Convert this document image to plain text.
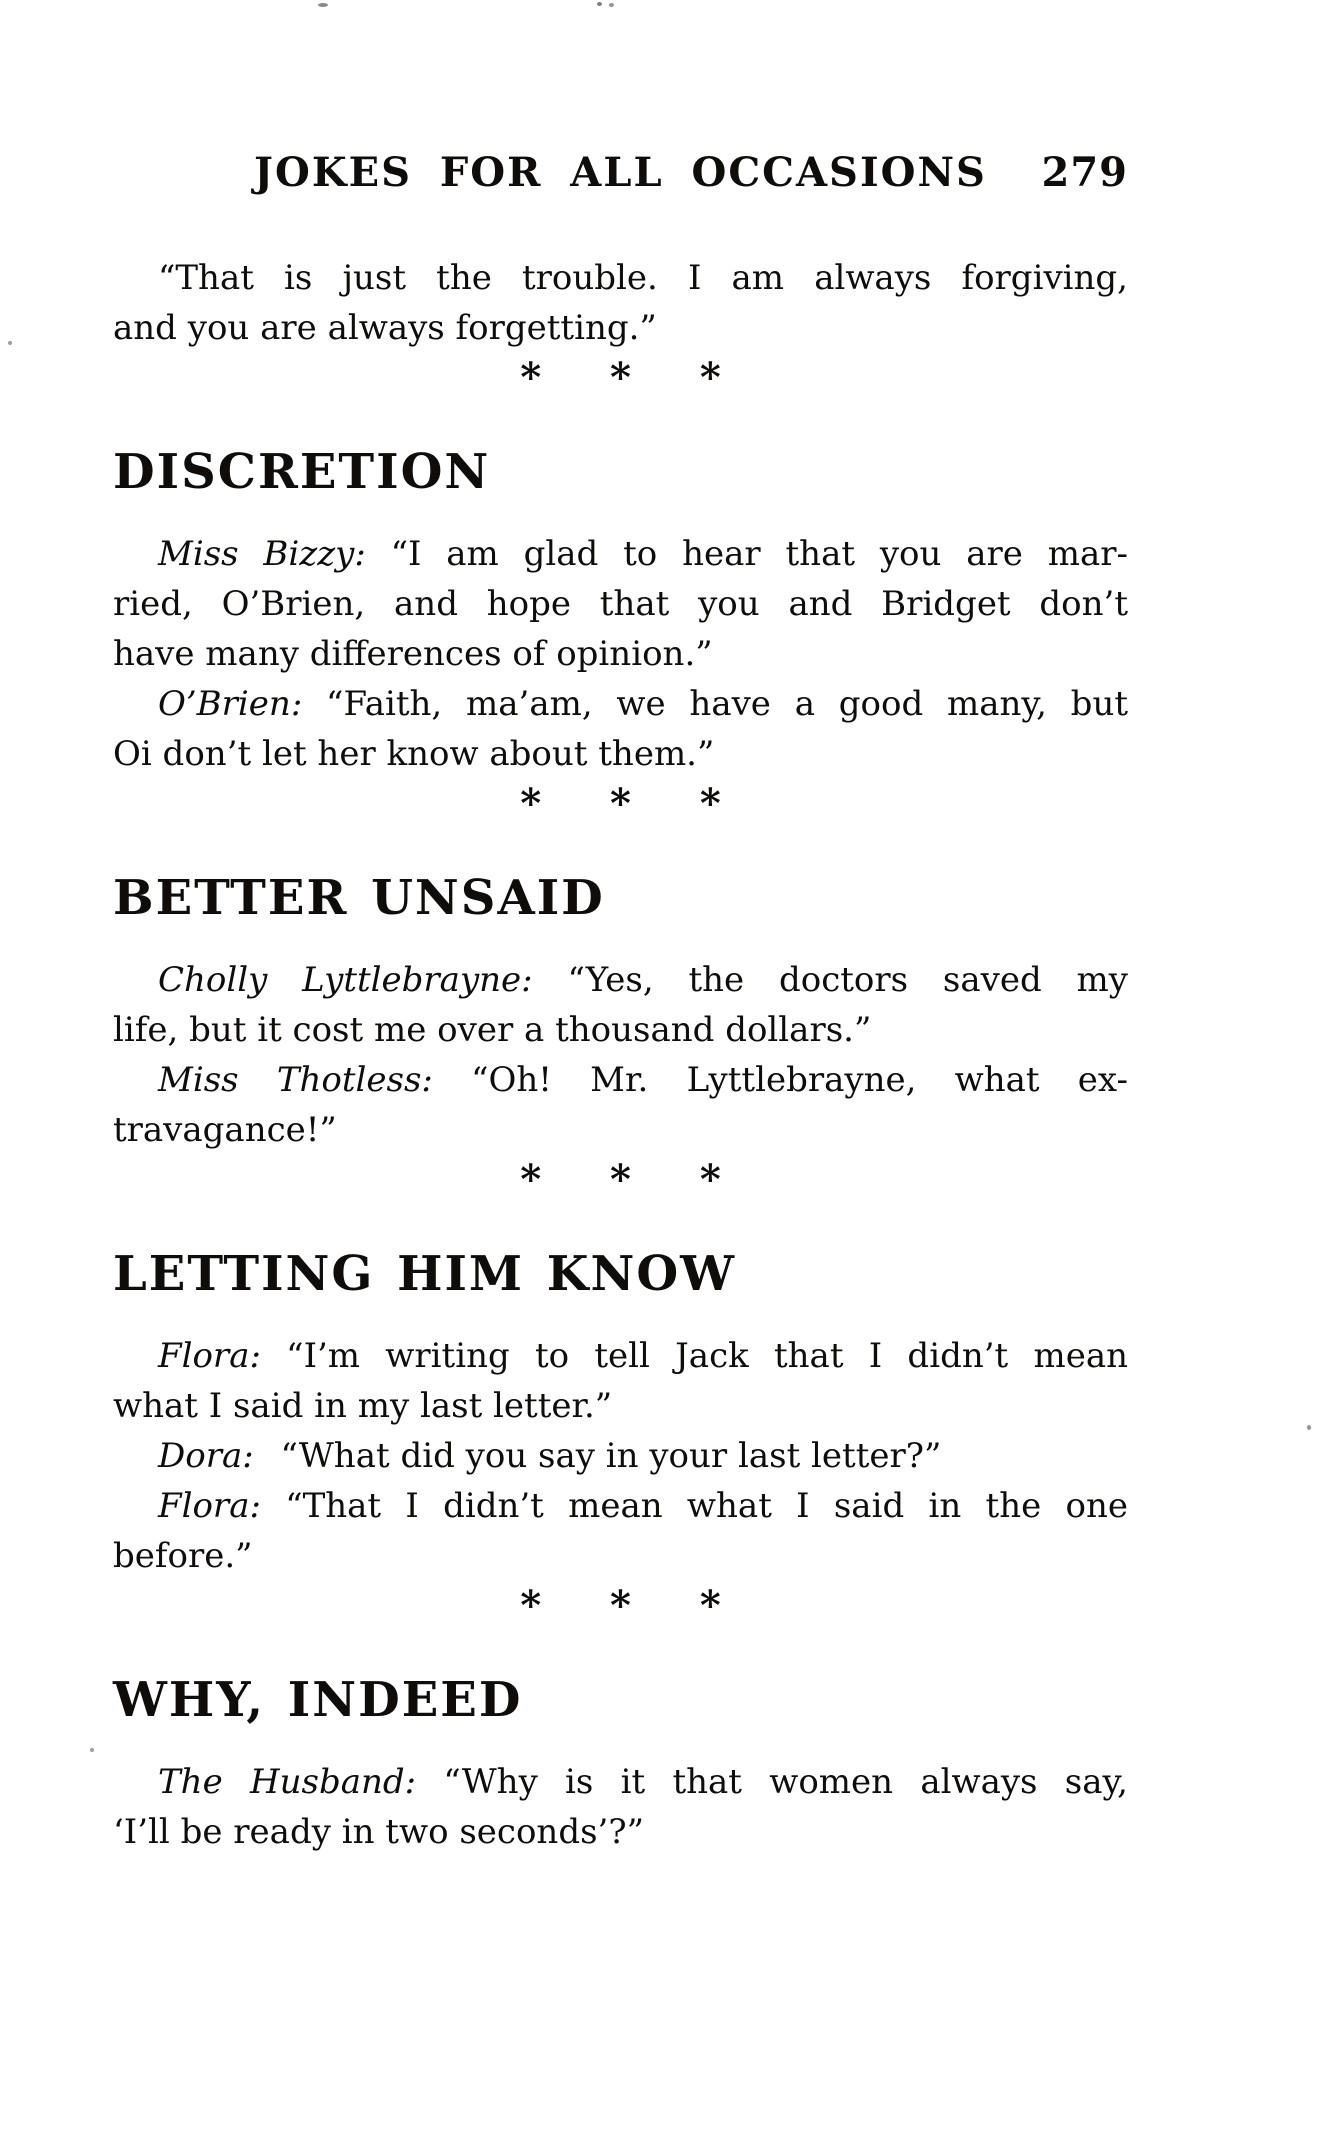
JOKES FOR ALL OCCASIONS 279
“That is just the trouble. I am always forgiving,
and you are always forgetting.”
* * *
DISCRETION
Miss Bizzy: “I am glad to hear that you are mar-
ried, O’Brien, and hope that you and Bridget don’t
have many differences of opinion.”
O’Brien: “Faith, ma’am, we have a good many, but
Oi don’t let her know about them.”
* * *
BETTER UNSAID
Cholly Lyttlebrayne: “Yes, the doctors saved my
life, but it cost me over a thousand dollars.”
Miss Thotless: “Oh! Mr. Lyttlebrayne, what ex-
travagance!”
* * *
LETTING HIM KNOW
Flora: “I’m writing to tell Jack that I didn’t mean
what I said in my last letter.”
Dora: “What did you say in your last letter?”
Flora: “That I didn’t mean what I said in the one
before.”
* * *
WHY, INDEED
The Husband: “Why is it that women always say,
‘I’ll be ready in two seconds’?”
